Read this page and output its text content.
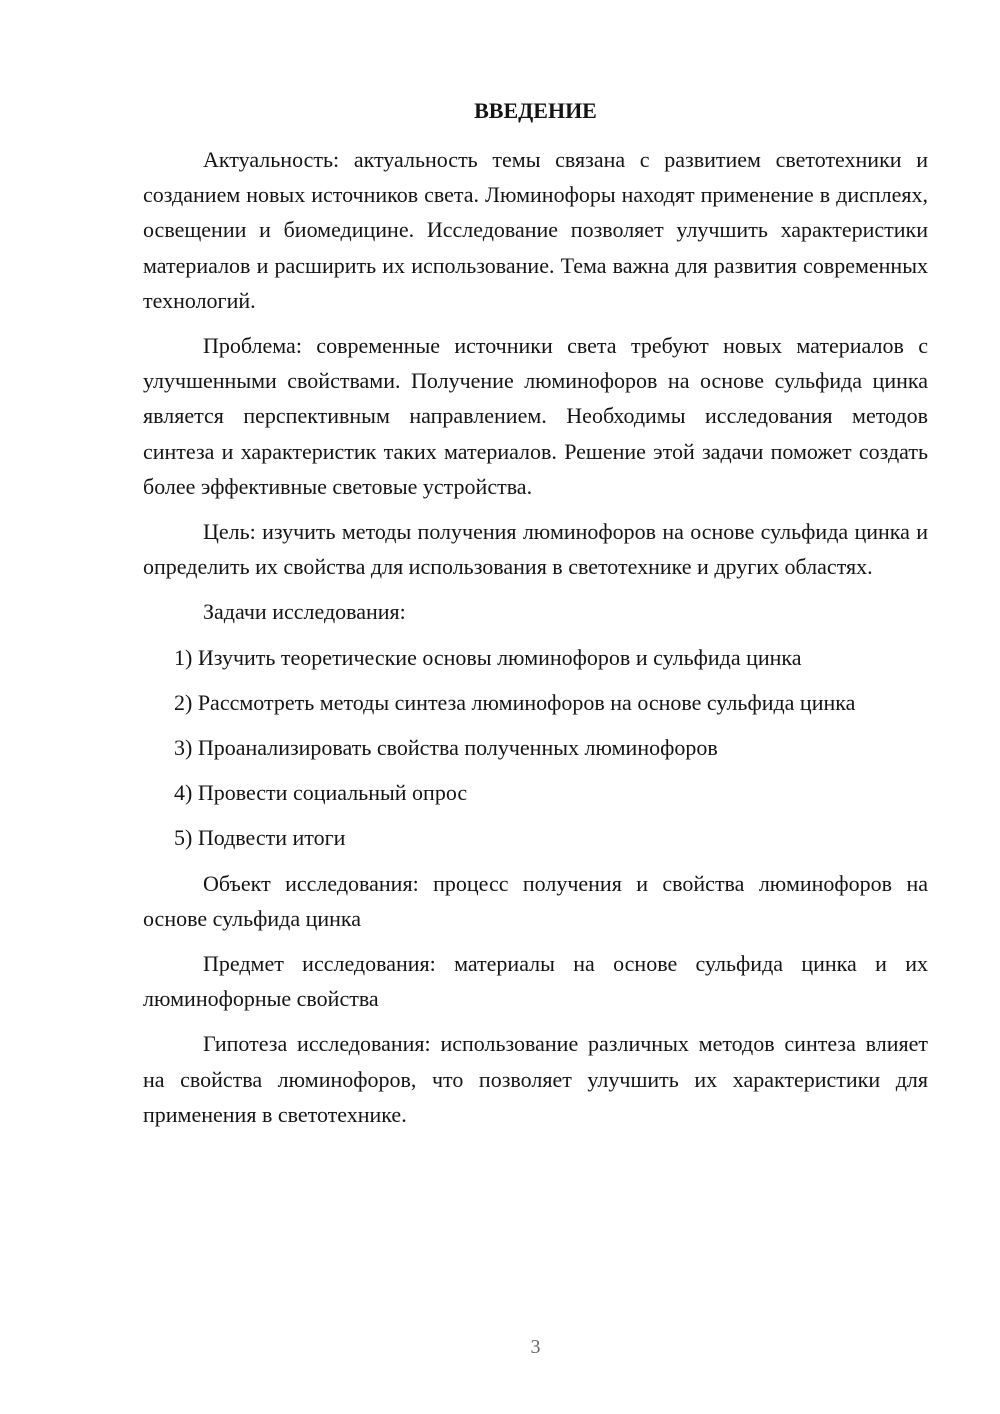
ВВЕДЕНИЕ

Актуальность: актуальность темы связана с развитием светотехники и созданием новых источников света. Люминофоры находят применение в дисплеях, освещении и биомедицине. Исследование позволяет улучшить характеристики материалов и расширить их использование. Тема важна для развития современных технологий.

Проблема: современные источники света требуют новых материалов с улучшенными свойствами. Получение люминофоров на основе сульфида цинка является перспективным направлением. Необходимы исследования методов синтеза и характеристик таких материалов. Решение этой задачи поможет создать более эффективные световые устройства.

Цель: изучить методы получения люминофоров на основе сульфида цинка и определить их свойства для использования в светотехнике и других областях.

Задачи исследования:

1) Изучить теоретические основы люминофоров и сульфида цинка

2) Рассмотреть методы синтеза люминофоров на основе сульфида цинка

3) Проанализировать свойства полученных люминофоров

4) Провести социальный опрос

5) Подвести итоги

Объект исследования: процесс получения и свойства люминофоров на основе сульфида цинка

Предмет исследования: материалы на основе сульфида цинка и их люминофорные свойства

Гипотеза исследования: использование различных методов синтеза влияет на свойства люминофоров, что позволяет улучшить их характеристики для применения в светотехнике.

3
